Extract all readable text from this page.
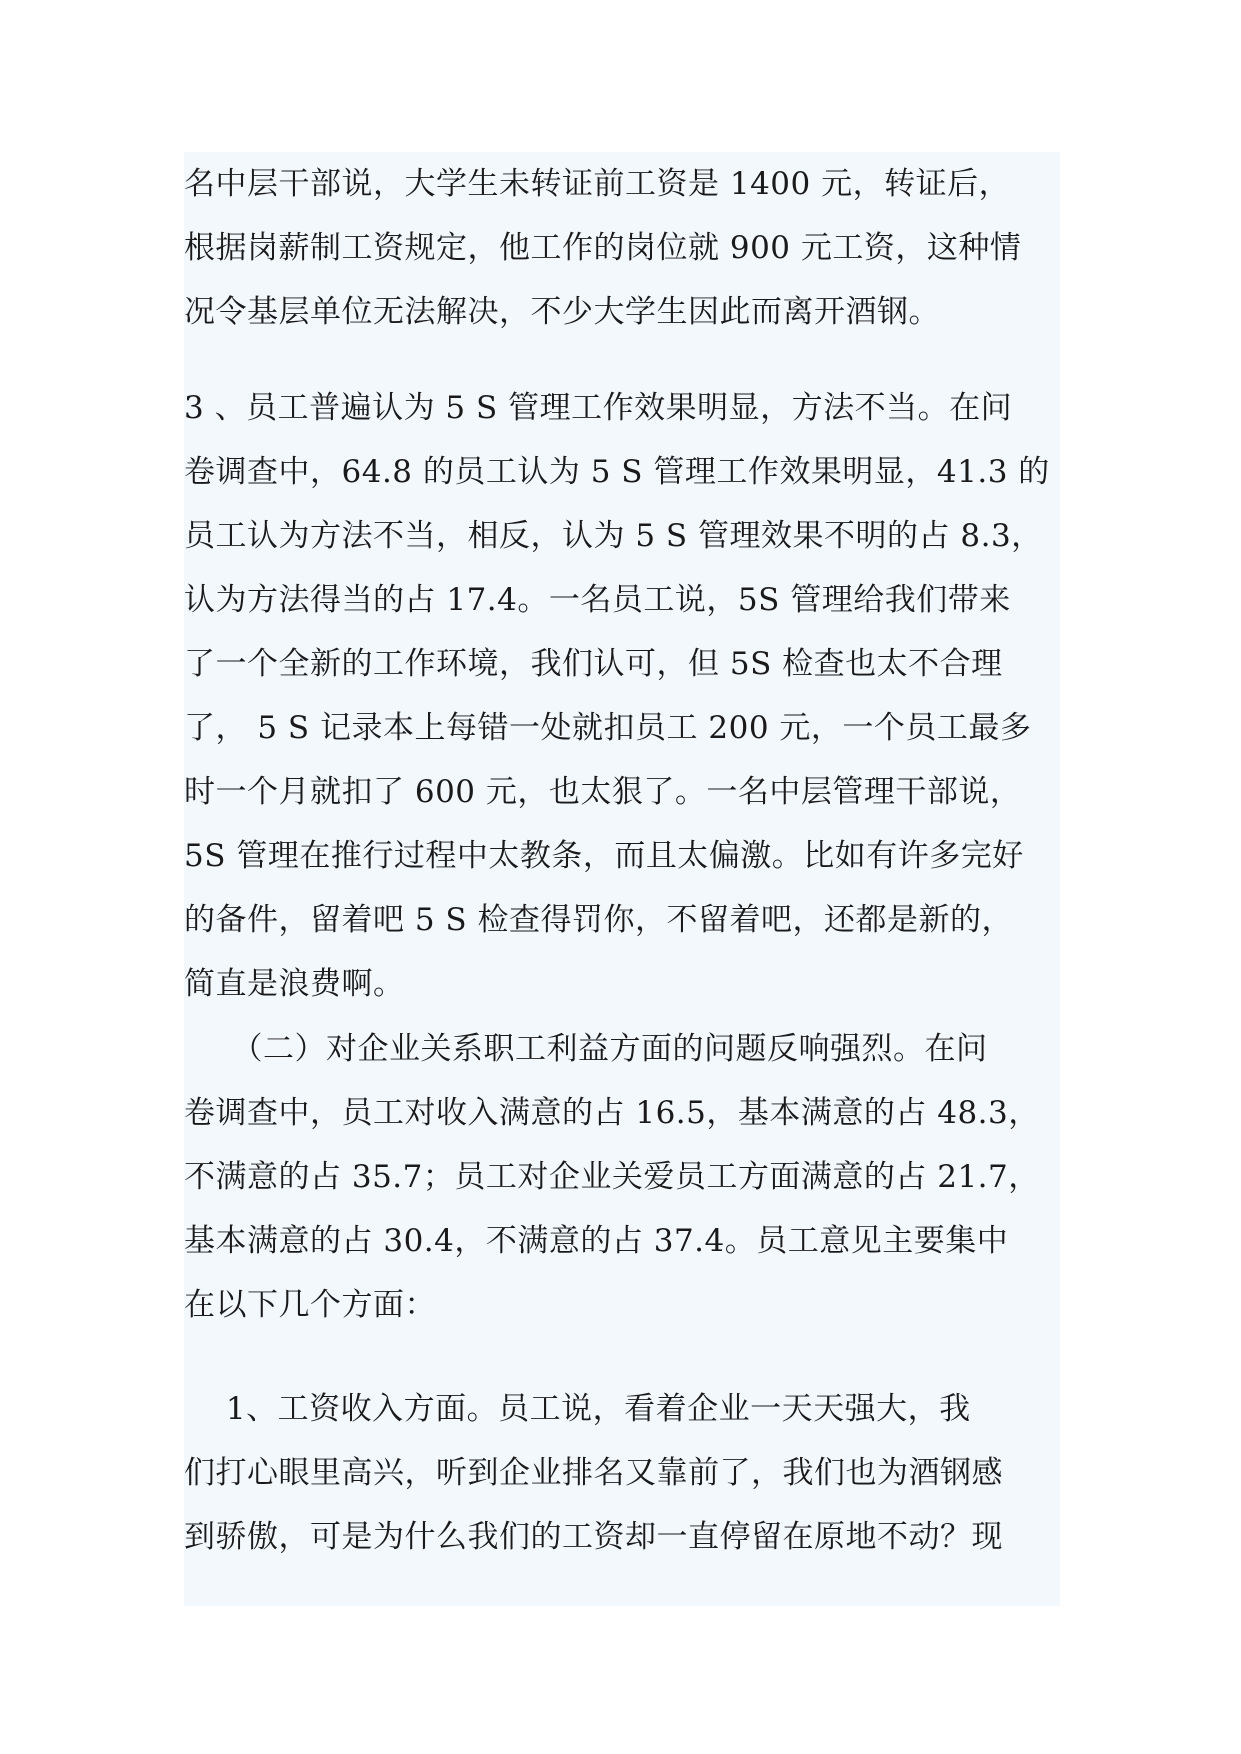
名中层干部说，大学生未转证前工资是 1400 元，转证后，
根据岗薪制工资规定，他工作的岗位就 900 元工资，这种情
况令基层单位无法解决，不少大学生因此而离开酒钢。
3 、员工普遍认为 5 S 管理工作效果明显，方法不当。在问
卷调查中，64.8 的员工认为 5 S 管理工作效果明显，41.3 的
员工认为方法不当，相反，认为 5 S 管理效果不明的占 8.3，
认为方法得当的占 17.4。一名员工说，5S 管理给我们带来
了一个全新的工作环境，我们认可，但 5S 检查也太不合理
了， 5 S 记录本上每错一处就扣员工 200 元，一个员工最多
时一个月就扣了 600 元，也太狠了。一名中层管理干部说，
5S 管理在推行过程中太教条，而且太偏激。比如有许多完好
的备件，留着吧 5 S 检查得罚你，不留着吧，还都是新的，
简直是浪费啊。
　　（二）对企业关系职工利益方面的问题反响强烈。在问
卷调查中，员工对收入满意的占 16.5，基本满意的占 48.3，
不满意的占 35.7；员工对企业关爱员工方面满意的占 21.7，
基本满意的占 30.4，不满意的占 37.4。员工意见主要集中
在以下几个方面：
　 1、工资收入方面。员工说，看着企业一天天强大，我
们打心眼里高兴，听到企业排名又靠前了，我们也为酒钢感
到骄傲，可是为什么我们的工资却一直停留在原地不动？现
